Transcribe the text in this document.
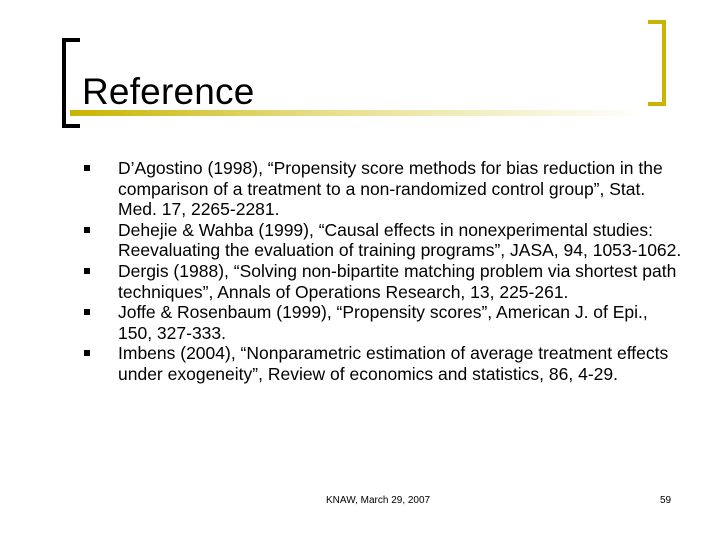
Reference
D’Agostino (1998), “Propensity score methods for bias reduction in the comparison of a treatment to a non-randomized control group”, Stat. Med. 17, 2265-2281.
Dehejie & Wahba (1999), “Causal effects in nonexperimental studies: Reevaluating the evaluation of training programs”, JASA, 94, 1053-1062.
Dergis (1988), “Solving non-bipartite matching problem via shortest path techniques”, Annals of Operations Research, 13, 225-261.
Joffe & Rosenbaum (1999), “Propensity scores”, American J. of Epi., 150, 327-333.
Imbens (2004), “Nonparametric estimation of average treatment effects under exogeneity”, Review of economics and statistics, 86, 4-29.
KNAW, March 29, 2007	59
